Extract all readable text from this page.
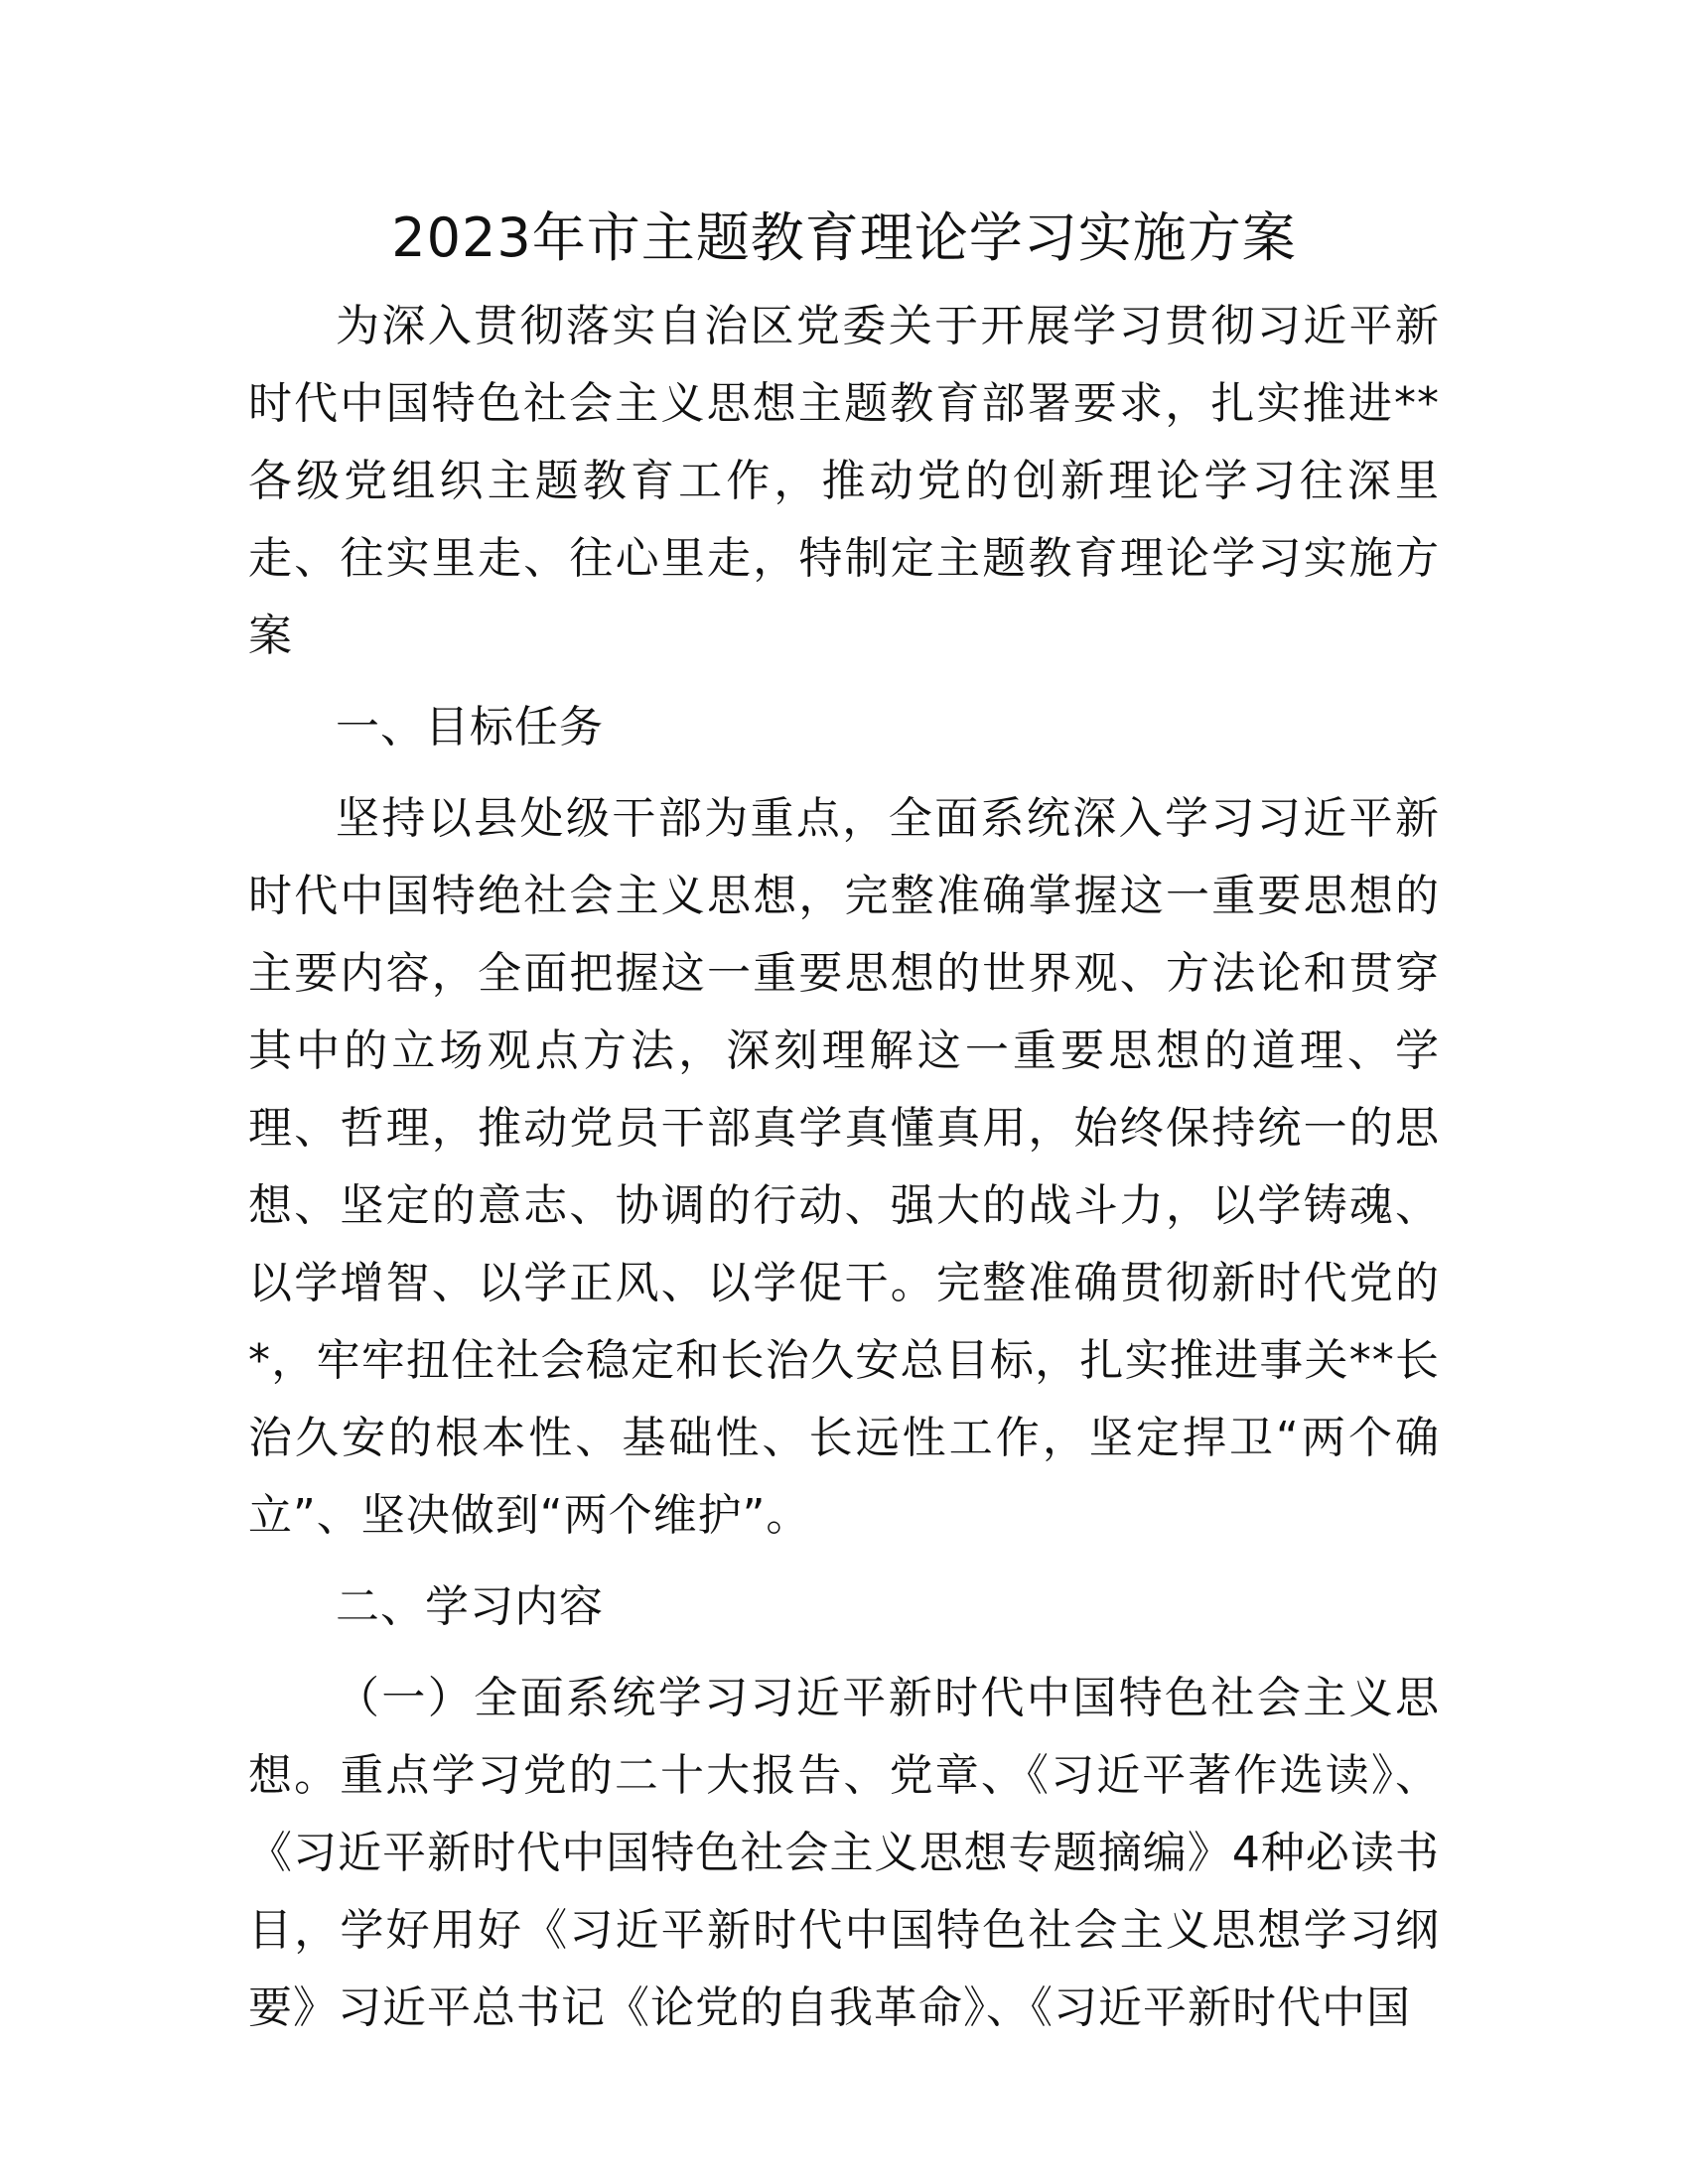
2023年市主题教育理论学习实施方案

为深入贯彻落实自治区党委关于开展学习贯彻习近平新时代中国特色社会主义思想主题教育部署要求，扎实推进**各级党组织主题教育工作，推动党的创新理论学习往深里走、往实里走、往心里走，特制定主题教育理论学习实施方案

一、目标任务

坚持以县处级干部为重点，全面系统深入学习习近平新时代中国特绝社会主义思想，完整准确掌握这一重要思想的主要内容，全面把握这一重要思想的世界观、方法论和贯穿其中的立场观点方法，深刻理解这一重要思想的道理、学理、哲理，推动党员干部真学真懂真用，始终保持统一的思想、坚定的意志、协调的行动、强大的战斗力，以学铸魂、以学增智、以学正风、以学促干。完整准确贯彻新时代党的*，牢牢扭住社会稳定和长治久安总目标，扎实推进事关**长治久安的根本性、基础性、长远性工作，坚定捍卫“两个确立”、坚决做到“两个维护”。

二、学习内容

（一）全面系统学习习近平新时代中国特色社会主义思想。重点学习党的二十大报告、党章、《习近平著作选读》、《习近平新时代中国特色社会主义思想专题摘编》4种必读书目，学好用好《习近平新时代中国特色社会主义思想学习纲要》习近平总书记《论党的自我革命》、《习近平新时代中国
